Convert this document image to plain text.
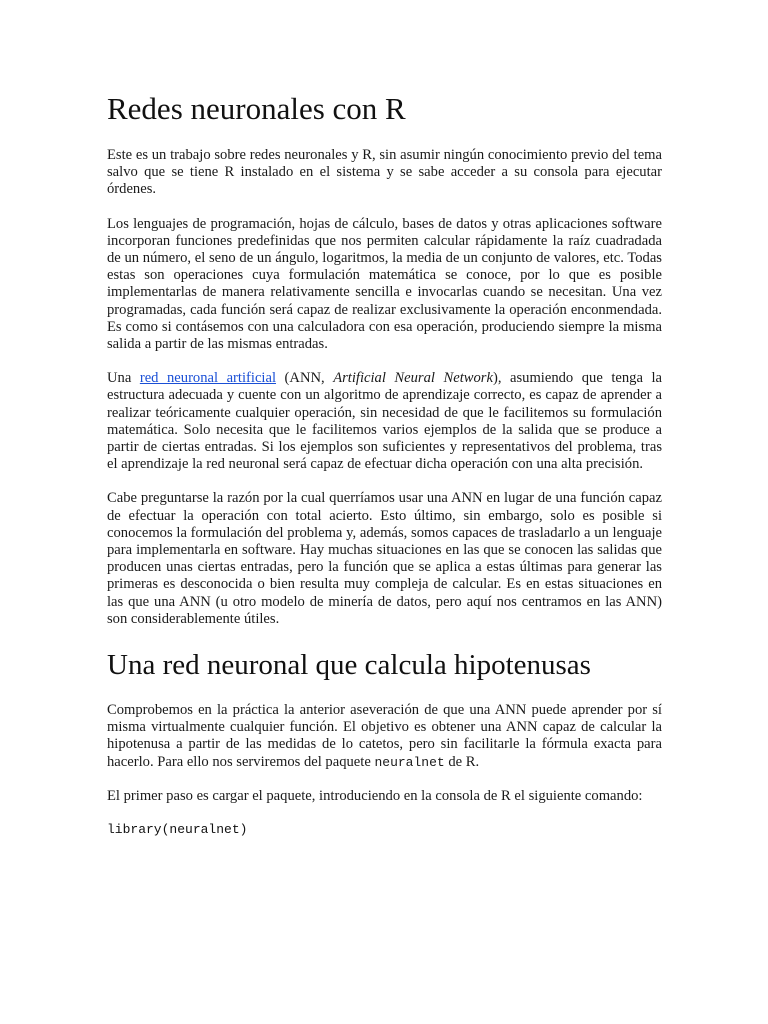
Redes neuronales con R

Este es un trabajo sobre redes neuronales y R, sin asumir ningún conocimiento previo del tema salvo que se tiene R instalado en el sistema y se sabe acceder a su consola para ejecutar órdenes.

Los lenguajes de programación, hojas de cálculo, bases de datos y otras aplicaciones software incorporan funciones predefinidas que nos permiten calcular rápidamente la raíz cuadradada de un número, el seno de un ángulo, logaritmos, la media de un conjunto de valores, etc. Todas estas son operaciones cuya formulación matemática se conoce, por lo que es posible implementarlas de manera relativamente sencilla e invocarlas cuando se necesitan. Una vez programadas, cada función será capaz de realizar exclusivamente la operación enconmendada. Es como si contásemos con una calculadora con esa operación, produciendo siempre la misma salida a partir de las mismas entradas.

Una red neuronal artificial (ANN, Artificial Neural Network), asumiendo que tenga la estructura adecuada y cuente con un algoritmo de aprendizaje correcto, es capaz de aprender a realizar teóricamente cualquier operación, sin necesidad de que le facilitemos su formulación matemática. Solo necesita que le facilitemos varios ejemplos de la salida que se produce a partir de ciertas entradas. Si los ejemplos son suficientes y representativos del problema, tras el aprendizaje la red neuronal será capaz de efectuar dicha operación con una alta precisión.

Cabe preguntarse la razón por la cual querríamos usar una ANN en lugar de una función capaz de efectuar la operación con total acierto. Esto último, sin embargo, solo es posible si conocemos la formulación del problema y, además, somos capaces de trasladarlo a un lenguaje para implementarla en software. Hay muchas situaciones en las que se conocen las salidas que producen unas ciertas entradas, pero la función que se aplica a estas últimas para generar las primeras es desconocida o bien resulta muy compleja de calcular. Es en estas situaciones en las que una ANN (u otro modelo de minería de datos, pero aquí nos centramos en las ANN) son considerablemente útiles.

Una red neuronal que calcula hipotenusas

Comprobemos en la práctica la anterior aseveración de que una ANN puede aprender por sí misma virtualmente cualquier función. El objetivo es obtener una ANN capaz de calcular la hipotenusa a partir de las medidas de lo catetos, pero sin facilitarle la fórmula exacta para hacerlo. Para ello nos serviremos del paquete neuralnet de R.

El primer paso es cargar el paquete, introduciendo en la consola de R el siguiente comando:

library(neuralnet)
